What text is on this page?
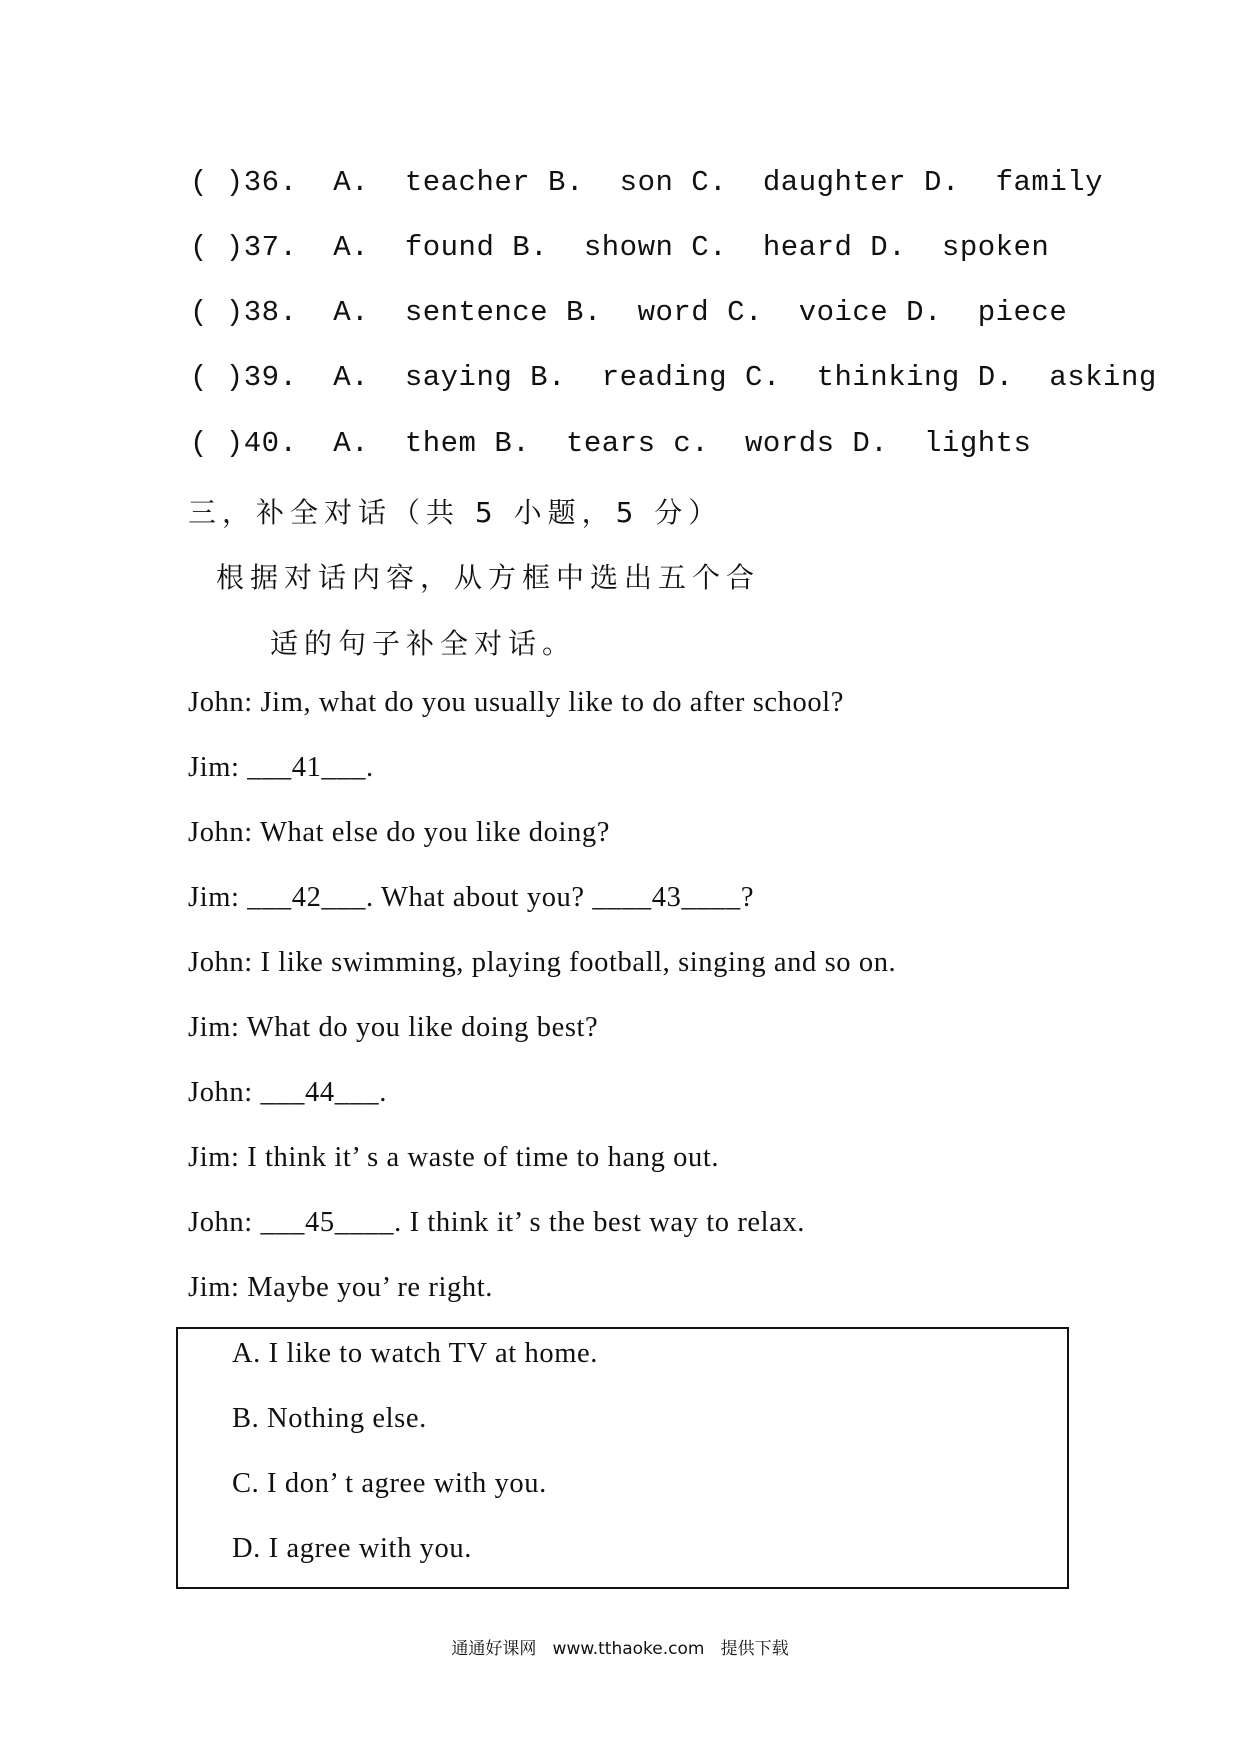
( )36.  A.  teacher B.  son C.  daughter D.  family
( )37.  A.  found B.  shown C.  heard D.  spoken
( )38.  A.  sentence B.  word C.  voice D.  piece
( )39.  A.  saying B.  reading C.  thinking D.  asking
( )40.  A.  them B.  tears c.  words D.  lights
三，补全对话（共 5 小题，5 分）
根据对话内容，从方框中选出五个合
适的句子补全对话。
John: Jim, what do you usually like to do after school?
Jim: ___41___.
John: What else do you like doing?
Jim: ___42___. What about you? ____43____?
John: I like swimming, playing football, singing and so on.
Jim: What do you like doing best?
John: ___44___.
Jim: I think it’ s a waste of time to hang out.
John: ___45____. I think it’ s the best way to relax.
Jim: Maybe you’ re right.
A. I like to watch TV at home.
B. Nothing else.
C. I don’ t agree with you.
D. I agree with you.
通通好课网   www.tthaoke.com   提供下载
